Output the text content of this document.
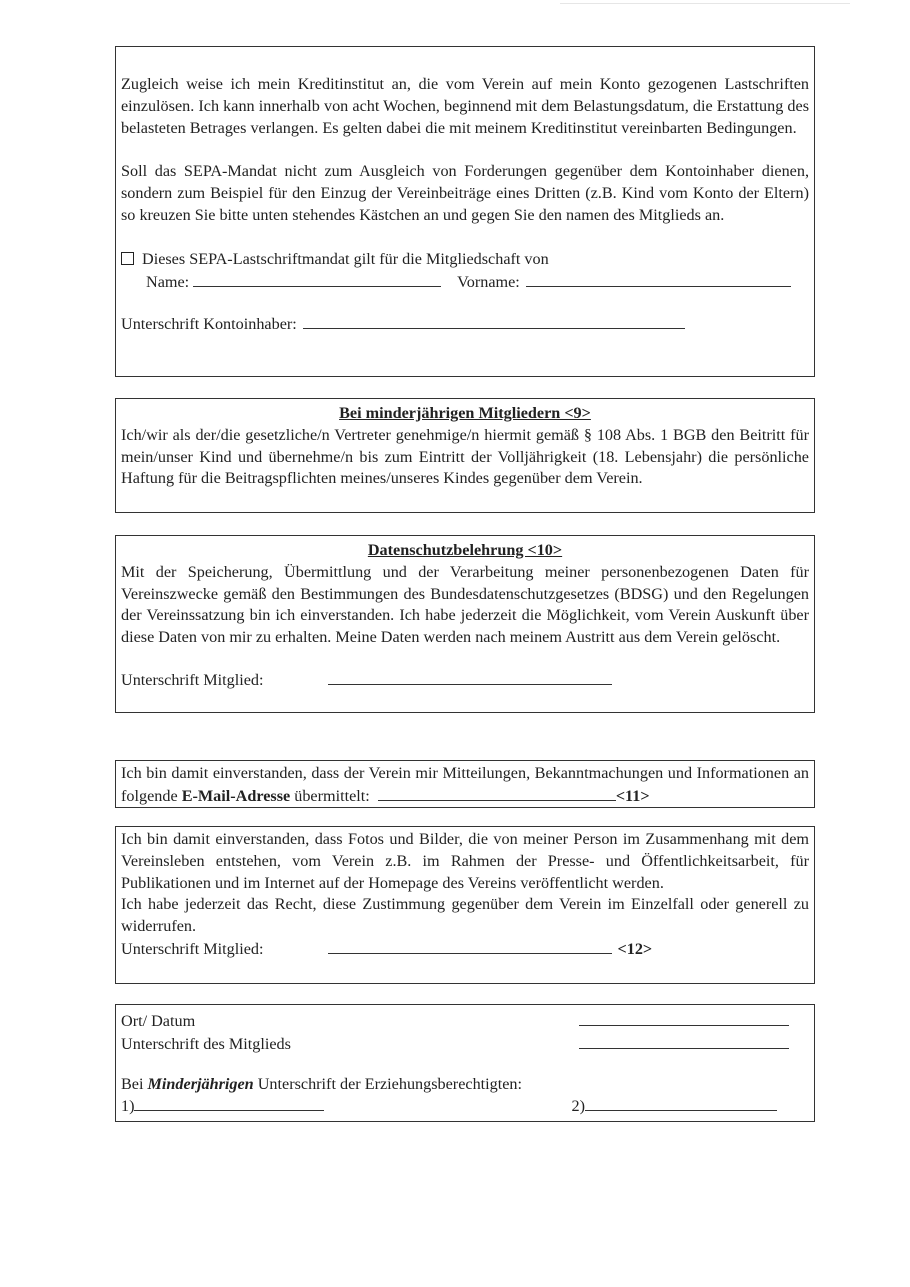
Zugleich weise ich mein Kreditinstitut an, die vom Verein auf mein Konto gezogenen Lastschriften einzulösen. Ich kann innerhalb von acht Wochen, beginnend mit dem Belastungsdatum, die Erstattung des belasteten Betrages verlangen. Es gelten dabei die mit meinem Kreditinstitut vereinbarten Bedingungen.

Soll das SEPA-Mandat nicht zum Ausgleich von Forderungen gegenüber dem Kontoinhaber dienen, sondern zum Beispiel für den Einzug der Vereinbeiträge eines Dritten (z.B. Kind vom Konto der Eltern) so kreuzen Sie bitte unten stehendes Kästchen an und gegen Sie den namen des Mitglieds an.

Dieses SEPA-Lastschriftmandat gilt für die Mitgliedschaft von
Name:	Vorname:
Unterschrift Kontoinhaber:
Bei minderjährigen Mitgliedern <9>

Ich/wir als der/die gesetzliche/n Vertreter genehmige/n hiermit gemäß § 108 Abs. 1 BGB den Beitritt für mein/unser Kind und übernehme/n bis zum Eintritt der Volljährigkeit (18. Lebensjahr) die persönliche Haftung für die Beitragspflichten meines/unseres Kindes gegenüber dem Verein.

Datenschutzbelehrung <10>

Mit der Speicherung, Übermittlung und der Verarbeitung meiner personenbezogenen Daten für Vereinszwecke gemäß den Bestimmungen des Bundesdatenschutzgesetzes (BDSG) und den Regelungen der Vereinssatzung bin ich einverstanden. Ich habe jederzeit die Möglichkeit, vom Verein Auskunft über diese Daten von mir zu erhalten. Meine Daten werden nach meinem Austritt aus dem Verein gelöscht.

Unterschrift Mitglied:

Ich bin damit einverstanden, dass der Verein mir Mitteilungen, Bekanntmachungen und Informationen an folgende E-Mail-Adresse übermittelt:	<11>

Ich bin damit einverstanden, dass Fotos und Bilder, die von meiner Person im Zusammenhang mit dem Vereinsleben entstehen, vom Verein z.B. im Rahmen der Presse- und Öffentlichkeitsarbeit, für Publikationen und im Internet auf der Homepage des Vereins veröffentlicht werden.

Ich habe jederzeit das Recht, diese Zustimmung gegenüber dem Verein im Einzelfall oder generell zu widerrufen.

Unterschrift Mitglied:	<12>
Ort/ Datum
Unterschrift des Mitglieds
Bei Minderjährigen Unterschrift der Erziehungsberechtigten:
1)	2)
